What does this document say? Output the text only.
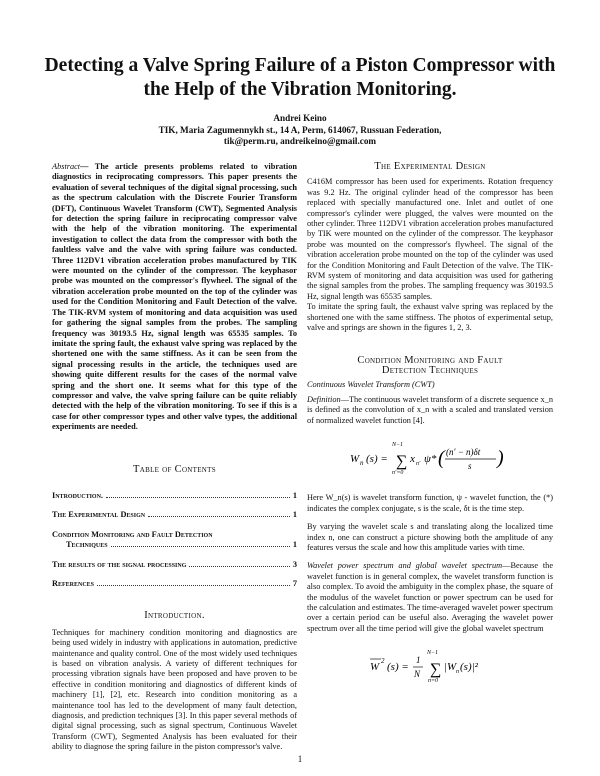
Detecting a Valve Spring Failure of a Piston Compressor with the Help of the Vibration Monitoring.
Andrei Keino
TIK, Maria Zagumennykh st., 14 A, Perm, 614067, Russuan Federation,
tik@perm.ru, andreikeino@gmail.com

Abstract— The article presents problems related to vibration diagnostics in reciprocating compressors. This paper presents the evaluation of several techniques of the digital signal processing, such as the spectrum calculation with the Discrete Fourier Transform (DFT), Continuous Wavelet Transform (CWT), Segmented Analysis for detection the spring failure in reciprocating compressor valve with the help of the vibration monitoring. The experimental investigation to collect the data from the compressor with both the faultless valve and the valve with spring failure was conducted. Three 112DV1 vibration acceleration probes manufactured by TIK were mounted on the cylinder of the compressor. The keyphasor probe was mounted on the compressor's flywheel. The signal of the vibration acceleration probe mounted on the top of the cylinder was used for the Condition Monitoring and Fault Detection of the valve. The TIK-RVM system of monitoring and data acquisition was used for gathering the signal samples from the probes. The sampling frequency was 30193.5 Hz, signal length was 65535 samples. To imitate the spring fault, the exhaust valve spring was replaced by the shortened one with the same stiffness. As it can be seen from the signal processing results in the article, the techniques used are showing quite different results for the cases of the normal valve spring and the short one. It seems what for this type of the compressor and valve, the valve spring failure can be quite reliably detected with the help of the vibration monitoring. To see if this is a case for other compressor types and other valve types, the additional experiments are needed.

Table of Contents
Introduction.	1
The Experimental Design	1
Condition Monitoring and Fault Detection
Techniques	1
The results of the signal processing	3
References	7
Introduction.

Techniques for machinery condition monitoring and diagnostics are being used widely in industry with applications in automation, predictive maintenance and quality control. One of the most widely used techniques is based on vibration analysis. A variety of different techniques for processing vibration signals have been proposed and have proven to be effective in condition monitoring and diagnostics of different kinds of machinery [1], [2], etc. Research into condition monitoring as a maintenance tool has led to the development of many fault detection, diagnosis, and prediction techniques [3]. In this paper several methods of digital signal processing, such as signal spectrum, Continuous Wavelet Transform (CWT), Segmented Analysis has been evaluated for their ability to diagnose the spring failure in the piston compressor's valve.

The Experimental Design

C416M compressor has been used for experiments. Rotation frequency was 9.2 Hz. The original cylinder head of the compressor has been replaced with specially manufactured one. Inlet and outlet of one compressor's cylinder were plugged, the valves were mounted on the other cylinder. Three 112DV1 vibration acceleration probes manufactured by TIK were mounted on the cylinder of the compressor. The keyphasor probe was mounted on the compressor's flywheel. The signal of the vibration acceleration probe mounted on the top of the cylinder was used for the Condition Monitoring and Fault Detection of the valve. The TIK-RVM system of monitoring and data acquisition was used for gathering the signal samples from the probes. The sampling frequency was 30193.5 Hz, signal length was 65535 samples.

To imitate the spring fault, the exhaust valve spring was replaced by the shortened one with the same stiffness. The photos of experimental setup, valve and springs are shown in the figures 1, 2, 3.

Condition Monitoring and Fault
Detection Techniques

Continuous Wavelet Transform (CWT)

Definition—The continuous wavelet transform of a discrete sequence x_n is defined as the convolution of x_n with a scaled and translated version of normalized wavelet function [4].

W n (s) =
N−1
∑
n′=0
x n′ ψ* ( (n′ − n)δt
s )

Here W_n(s) is wavelet transform function, ψ - wavelet function, the (*) indicates the complex conjugate, s is the scale, δt is the time step.

By varying the wavelet scale s and translating along the localized time index n, one can construct a picture showing both the amplitude of any features versus the scale and how this amplitude varies with time.

Wavelet power spectrum and global wavelet spectrum—Because the wavelet function is in general complex, the wavelet transform function is also complex. To avoid the ambiguity in the complex phase, the square of the modulus of the wavelet function or power spectrum can be used for the calculation and estimates. The time-averaged wavelet power spectrum over a certain period can be useful also. Averaging the wavelet power spectrum over all the time period will give the global wavelet spectrum

W 2 (s) =
1
N
N−1
∑
n=0
|W n (s)|²
1
